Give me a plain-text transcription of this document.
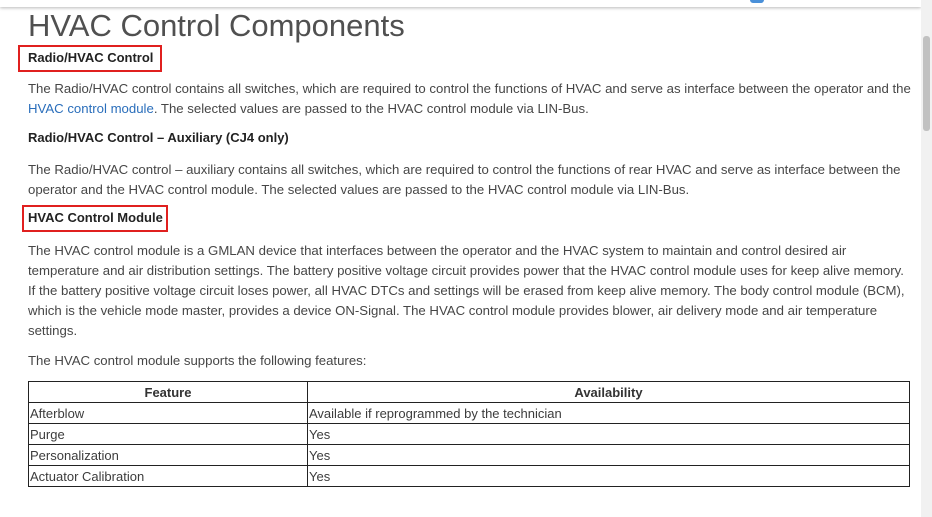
HVAC Control Components
Radio/HVAC Control

The Radio/HVAC control contains all switches, which are required to control the functions of HVAC and serve as interface between the operator and the HVAC control module. The selected values are passed to the HVAC control module via LIN-Bus.

Radio/HVAC Control – Auxiliary (CJ4 only)

The Radio/HVAC control – auxiliary contains all switches, which are required to control the functions of rear HVAC and serve as interface between the operator and the HVAC control module. The selected values are passed to the HVAC control module via LIN-Bus.

HVAC Control Module

The HVAC control module is a GMLAN device that interfaces between the operator and the HVAC system to maintain and control desired air temperature and air distribution settings. The battery positive voltage circuit provides power that the HVAC control module uses for keep alive memory. If the battery positive voltage circuit loses power, all HVAC DTCs and settings will be erased from keep alive memory. The body control module (BCM), which is the vehicle mode master, provides a device ON-Signal. The HVAC control module provides blower, air delivery mode and air temperature settings.

The HVAC control module supports the following features:

Feature	Availability
Afterblow	Available if reprogrammed by the technician
Purge	Yes
Personalization	Yes
Actuator Calibration	Yes
